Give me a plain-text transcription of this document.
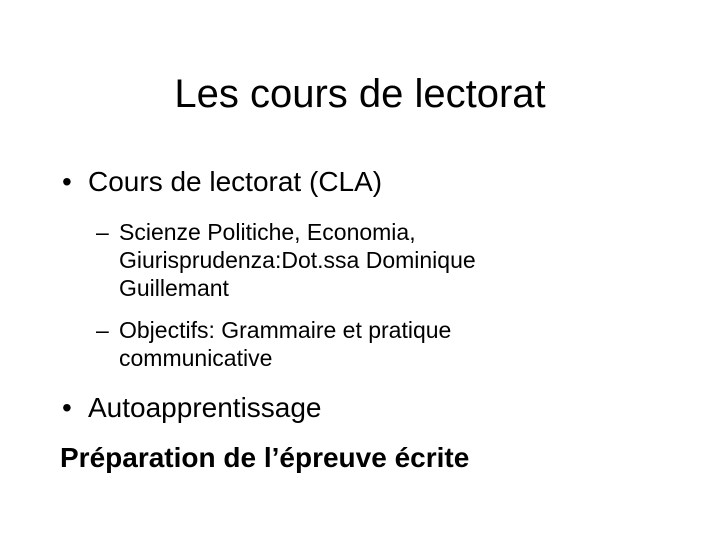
Les cours de lectorat
• Cours de lectorat (CLA)
– Scienze Politiche, Economia, Giurisprudenza:Dot.ssa Dominique Guillemant
– Objectifs: Grammaire et pratique communicative
• Autoapprentissage
Préparation de l’épreuve écrite
